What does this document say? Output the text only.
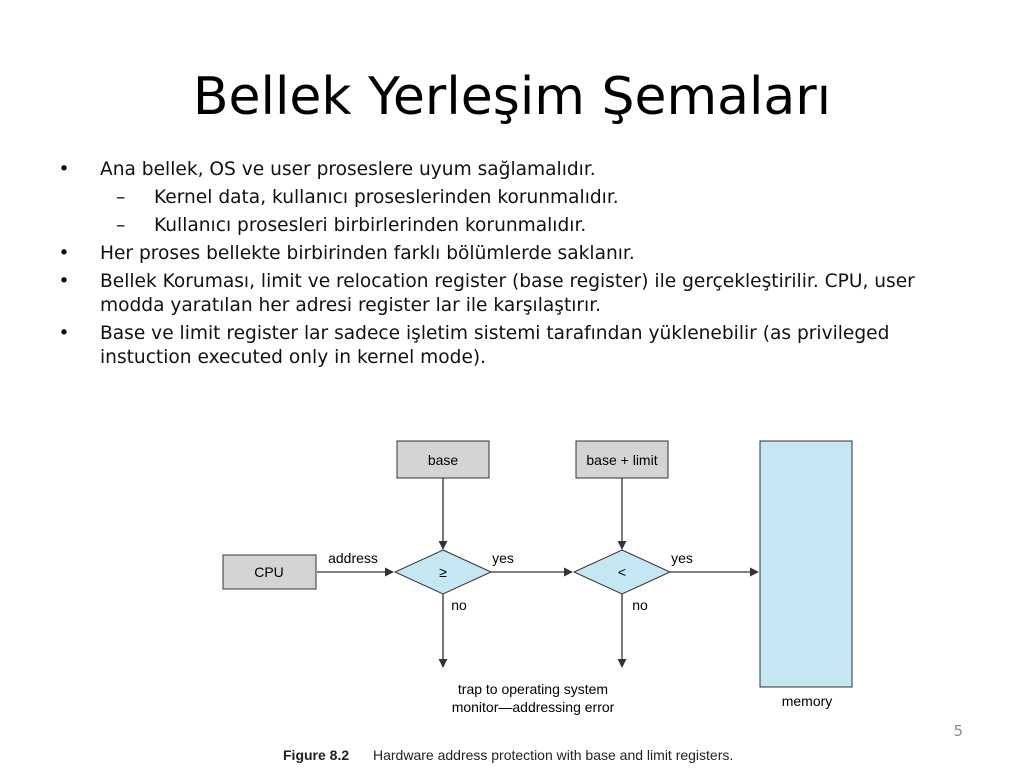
Bellek Yerleşim Şemaları
• Ana bellek, OS ve user proseslere uyum sağlamalıdır.
– Kernel data, kullanıcı proseslerinden korunmalıdır.
– Kullanıcı prosesleri birbirlerinden korunmalıdır.
• Her proses bellekte birbirinden farklı bölümlerde saklanır.
• Bellek Koruması, limit ve relocation register (base register) ile gerçekleştirilir. CPU, user modda yaratılan her adresi register lar ile karşılaştırır.
• Base ve limit register lar sadece işletim sistemi tarafından yüklenebilir (as privileged instuction executed only in kernel mode).
base	base + limit
CPU	≥	<
memory
address	yes	yes
no	no
trap to operating system
monitor—addressing error
Figure 8.2 Hardware address protection with base and limit registers.
5
